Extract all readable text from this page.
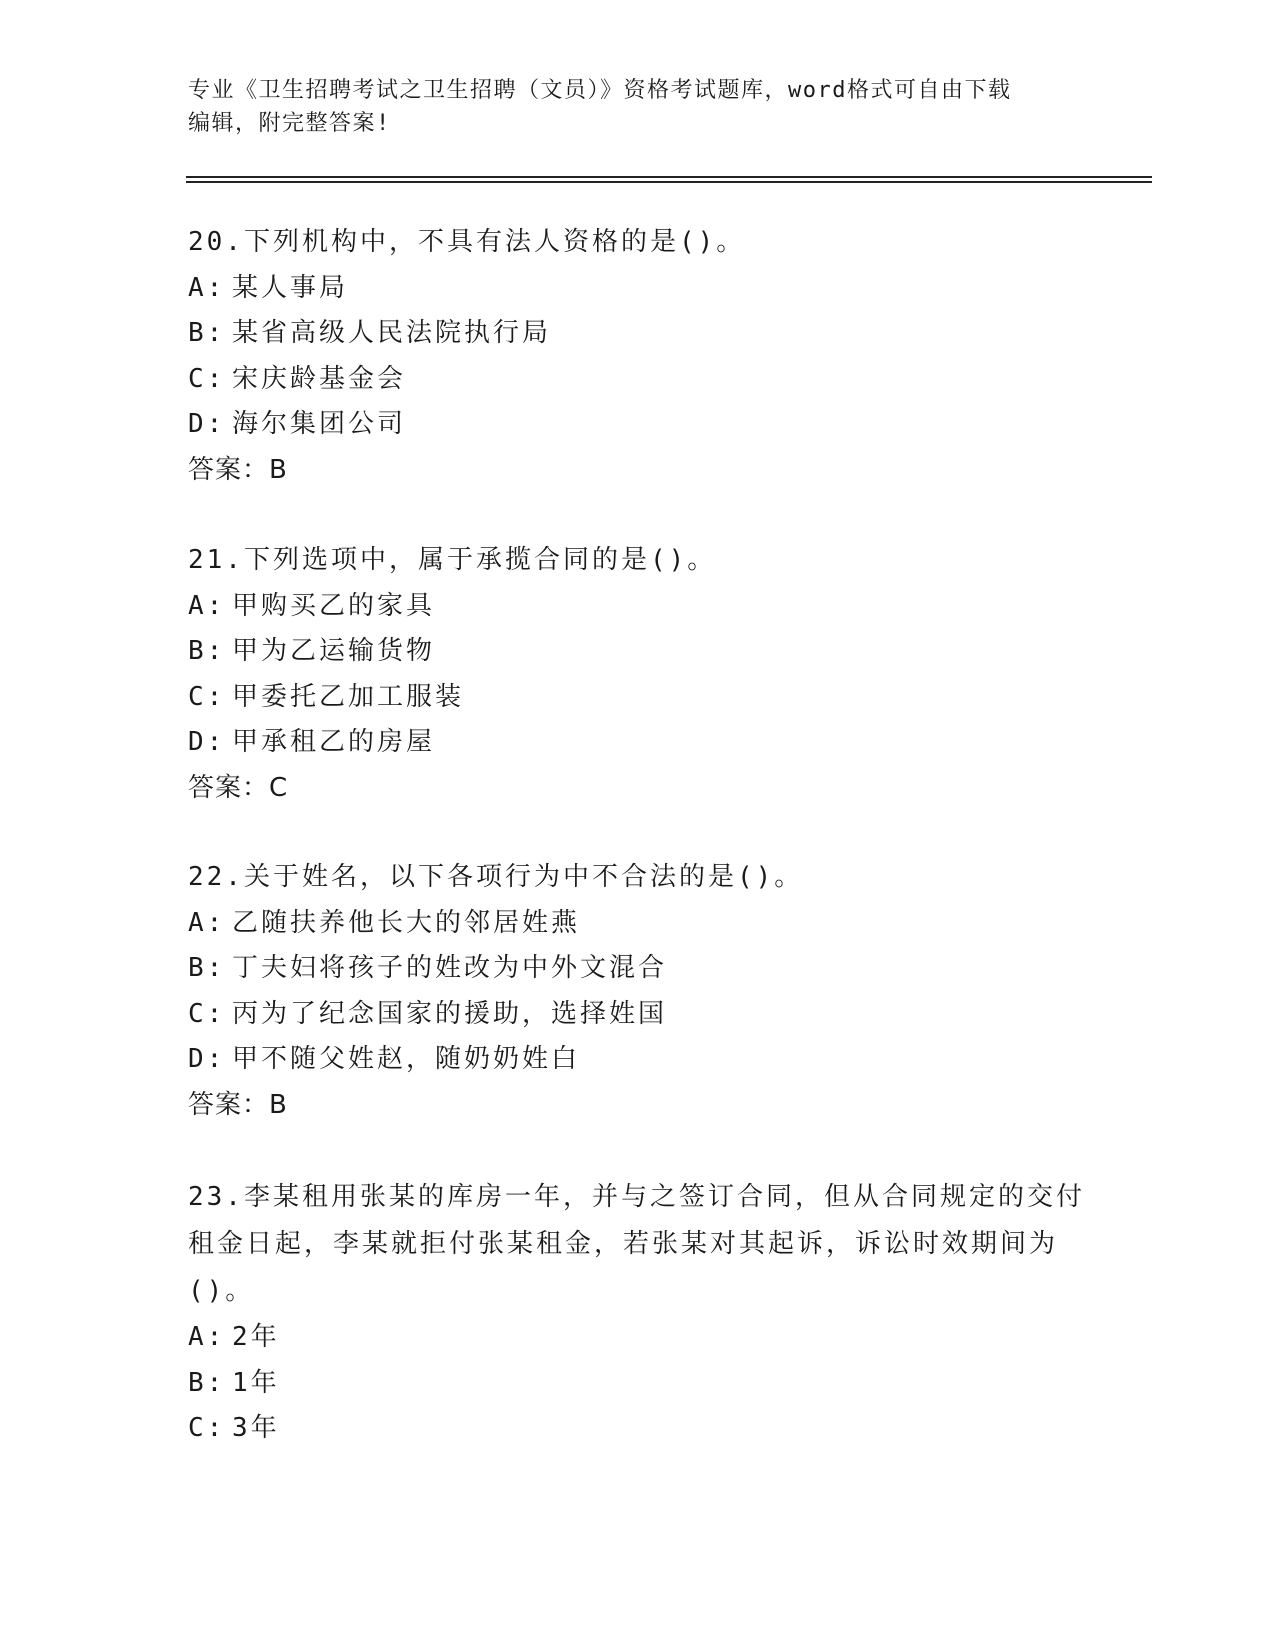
专业《卫生招聘考试之卫生招聘（文员）》资格考试题库，word格式可自由下载
编辑，附完整答案!
20.下列机构中，不具有法人资格的是()。
A: 某人事局
B: 某省高级人民法院执行局
C: 宋庆龄基金会
D: 海尔集团公司
答案：B
21.下列选项中，属于承揽合同的是()。
A: 甲购买乙的家具
B: 甲为乙运输货物
C: 甲委托乙加工服装
D: 甲承租乙的房屋
答案：C
22.关于姓名，以下各项行为中不合法的是()。
A: 乙随扶养他长大的邻居姓燕
B: 丁夫妇将孩子的姓改为中外文混合
C: 丙为了纪念国家的援助，选择姓国
D: 甲不随父姓赵，随奶奶姓白
答案：B
23.李某租用张某的库房一年，并与之签订合同，但从合同规定的交付
租金日起，李某就拒付张某租金，若张某对其起诉，诉讼时效期间为
()。
A: 2年
B: 1年
C: 3年
